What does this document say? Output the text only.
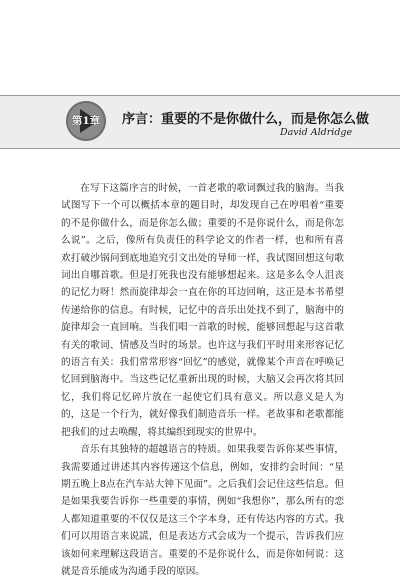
第1章	序言：重要的不是你做什么，而是你怎么做
David Aldridge

在写下这篇序言的时候，一首老歌的歌词飘过我的脑海。当我试图写下一个可以概括本章的题目时，却发现自己在哼唱着“重要的不是你做什么，而是你怎么做；重要的不是你说什么，而是你怎么说”。之后，像所有负责任的科学论文的作者一样，也和所有喜欢打破沙锅问到底地追究引文出处的导师一样，我试图回想这句歌词出自哪首歌。但是打死我也没有能够想起来。这是多么令人沮丧的记忆力呀！然而旋律却会一直在你的耳边回响，这正是本书希望传递给你的信息。有时候，记忆中的音乐出处找不到了，脑海中的旋律却会一直回响。当我们唱一首歌的时候，能够回想起与这首歌有关的歌词、情感及当时的场景。也许这与我们平时用来形容记忆的语言有关：我们常常形容“回忆”的感觉，就像某个声音在呼唤记忆回到脑海中。当这些记忆重新出现的时候，大脑又会再次将其回忆，我们将记忆碎片放在一起使它们具有意义。所以意义是人为的，这是一个行为，就好像我们制造音乐一样。老故事和老歌都能把我们的过去唤醒，将其编织到现实的世界中。

音乐有其独特的超越语言的特质。如果我要告诉你某些事情，我需要通过讲述其内容传递这个信息，例如，安排约会时间：“星期五晚上8点在汽车站大钟下见面”。之后我们会记住这些信息。但是如果我要告诉你一些重要的事情，例如“我想你”，那么所有的恋人都知道重要的不仅仅是这三个字本身，还有传达内容的方式。我们可以用语言来说謊，但是表达方式会成为一个提示，告诉我们应该如何来理解这段语言。重要的不是你说什么，而是你如何说：这就是音乐能成为沟通手段的原因。
